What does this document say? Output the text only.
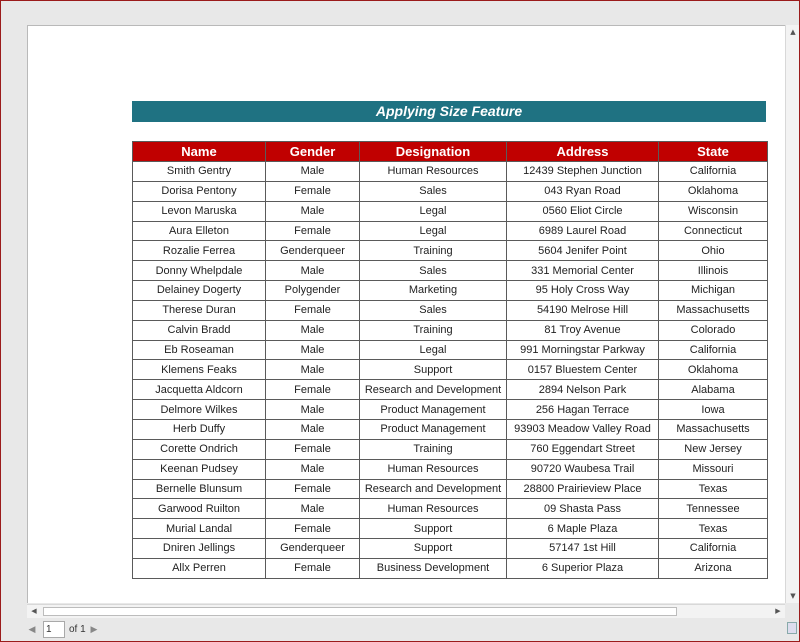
Applying Size Feature
Name	Gender	Designation	Address	State
Smith Gentry	Male	Human Resources	12439 Stephen Junction	California
Dorisa Pentony	Female	Sales	043 Ryan Road	Oklahoma
Levon Maruska	Male	Legal	0560 Eliot Circle	Wisconsin
Aura Elleton	Female	Legal	6989 Laurel Road	Connecticut
Rozalie Ferrea	Genderqueer	Training	5604 Jenifer Point	Ohio
Donny Whelpdale	Male	Sales	331 Memorial Center	Illinois
Delainey Dogerty	Polygender	Marketing	95 Holy Cross Way	Michigan
Therese Duran	Female	Sales	54190 Melrose Hill	Massachusetts
Calvin Bradd	Male	Training	81 Troy Avenue	Colorado
Eb Roseaman	Male	Legal	991 Morningstar Parkway	California
Klemens Feaks	Male	Support	0157 Bluestem Center	Oklahoma
Jacquetta Aldcorn	Female	Research and Development	2894 Nelson Park	Alabama
Delmore Wilkes	Male	Product Management	256 Hagan Terrace	Iowa
Herb Duffy	Male	Product Management	93903 Meadow Valley Road	Massachusetts
Corette Ondrich	Female	Training	760 Eggendart Street	New Jersey
Keenan Pudsey	Male	Human Resources	90720 Waubesa Trail	Missouri
Bernelle Blunsum	Female	Research and Development	28800 Prairieview Place	Texas
Garwood Ruilton	Male	Human Resources	09 Shasta Pass	Tennessee
Murial Landal	Female	Support	6 Maple Plaza	Texas
Dniren Jellings	Genderqueer	Support	57147 1st Hill	California
Allx Perren	Female	Business Development	6 Superior Plaza	Arizona
▲
▼
◀	▶
◀	1	of 1 ▶
